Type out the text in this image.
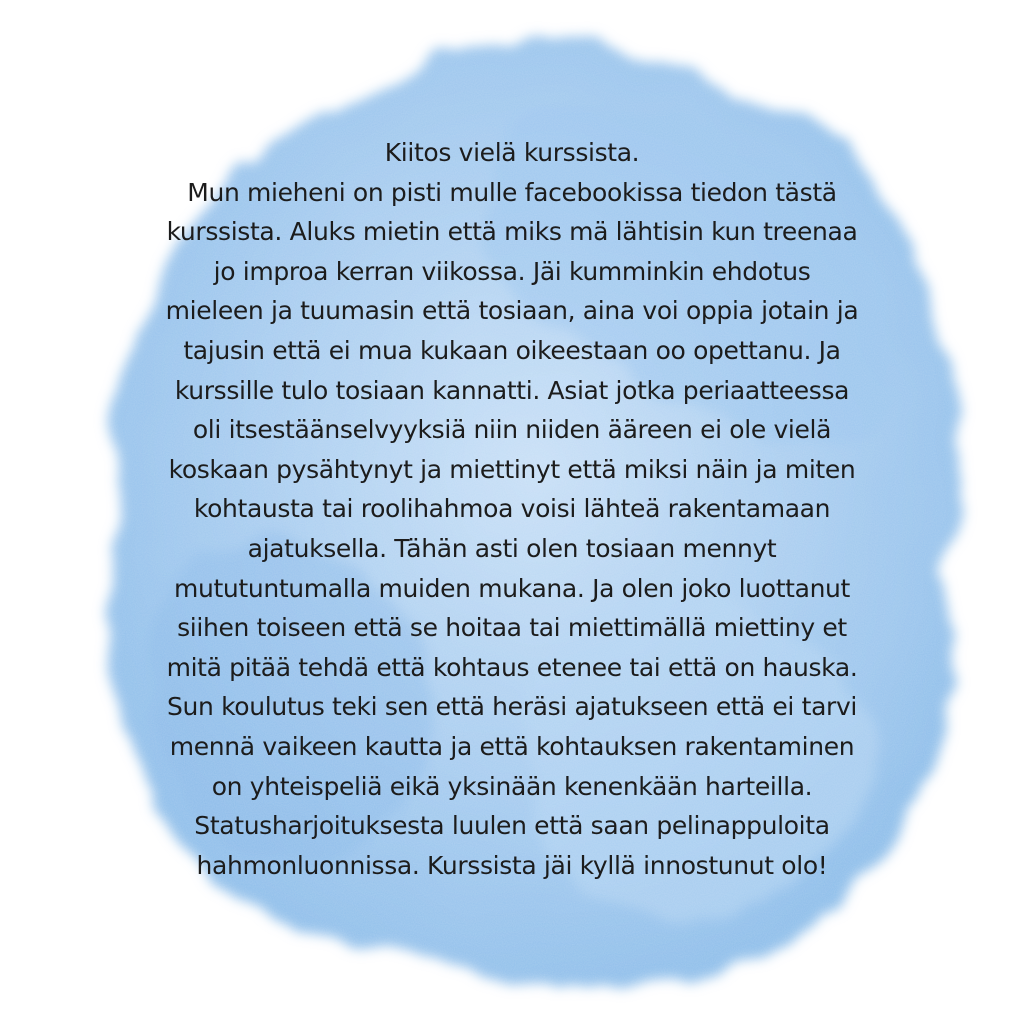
Kiitos vielä kurssista.
Mun mieheni on pisti mulle facebookissa tiedon tästä
kurssista. Aluks mietin että miks mä lähtisin kun treenaa
jo improa kerran viikossa. Jäi kumminkin ehdotus
mieleen ja tuumasin että tosiaan, aina voi oppia jotain ja
tajusin että ei mua kukaan oikeestaan oo opettanu. Ja
kurssille tulo tosiaan kannatti. Asiat jotka periaatteessa
oli itsestäänselvyyksiä niin niiden ääreen ei ole vielä
koskaan pysähtynyt ja miettinyt että miksi näin ja miten
kohtausta tai roolihahmoa voisi lähteä rakentamaan
ajatuksella. Tähän asti olen tosiaan mennyt
mututuntumalla muiden mukana. Ja olen joko luottanut
siihen toiseen että se hoitaa tai miettimällä miettiny et
mitä pitää tehdä että kohtaus etenee tai että on hauska.
Sun koulutus teki sen että heräsi ajatukseen että ei tarvi
mennä vaikeen kautta ja että kohtauksen rakentaminen
on yhteispeliä eikä yksinään kenenkään harteilla.
Statusharjoituksesta luulen että saan pelinappuloita
hahmonluonnissa. Kurssista jäi kyllä innostunut olo!
